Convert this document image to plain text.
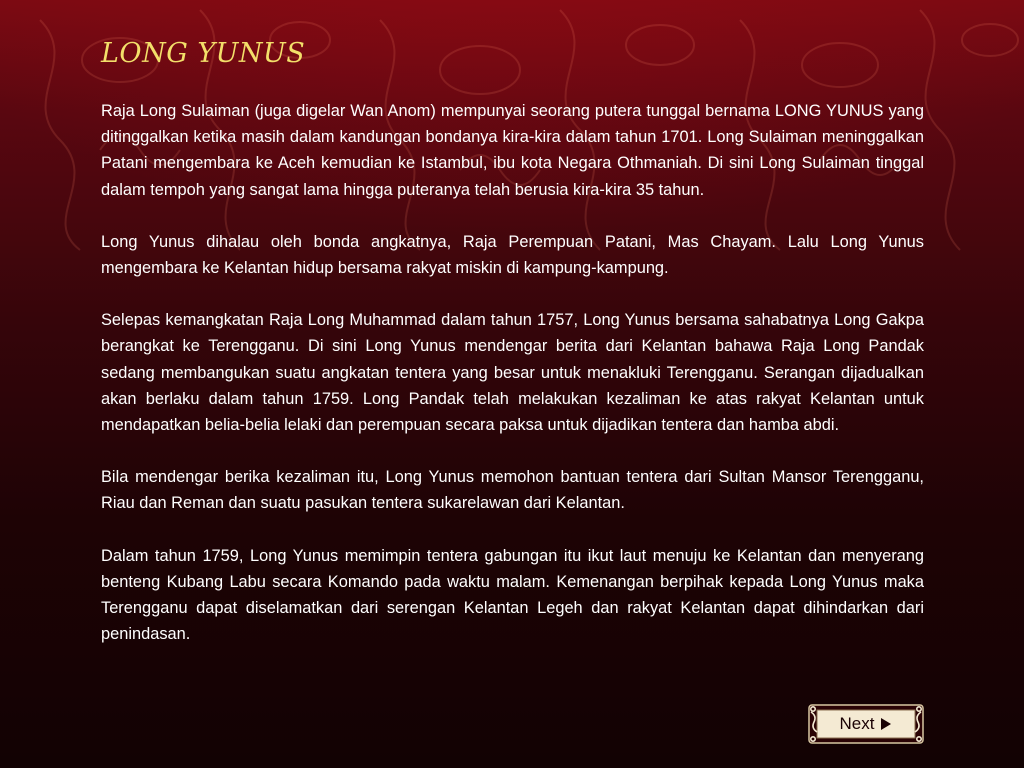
LONG YUNUS

Raja Long Sulaiman (juga digelar Wan Anom) mempunyai seorang putera tunggal bernama LONG YUNUS yang ditinggalkan ketika masih dalam kandungan bondanya kira-kira dalam tahun 1701. Long Sulaiman meninggalkan Patani mengembara ke Aceh kemudian ke Istambul, ibu kota Negara Othmaniah. Di sini Long Sulaiman tinggal dalam tempoh yang sangat lama hingga puteranya telah berusia kira-kira 35 tahun.

Long Yunus dihalau oleh bonda angkatnya, Raja Perempuan Patani, Mas Chayam. Lalu Long Yunus mengembara ke Kelantan hidup bersama rakyat miskin di kampung-kampung.

Selepas kemangkatan Raja Long Muhammad dalam tahun 1757, Long Yunus bersama sahabatnya Long Gakpa berangkat ke Terengganu. Di sini Long Yunus mendengar berita dari Kelantan bahawa Raja Long Pandak sedang membangukan suatu angkatan tentera yang besar untuk menakluki Terengganu. Serangan dijadualkan akan berlaku dalam tahun 1759. Long Pandak telah melakukan kezaliman ke atas rakyat Kelantan untuk mendapatkan belia-belia lelaki dan perempuan secara paksa untuk dijadikan tentera dan hamba abdi.

Bila mendengar berika kezaliman itu, Long Yunus memohon bantuan tentera dari Sultan Mansor Terengganu, Riau dan Reman dan suatu pasukan tentera sukarelawan dari Kelantan.

Dalam tahun 1759, Long Yunus memimpin tentera gabungan itu ikut laut menuju ke Kelantan dan menyerang benteng Kubang Labu secara Komando pada waktu malam. Kemenangan berpihak kepada Long Yunus maka Terengganu dapat diselamatkan dari serengan Kelantan Legeh dan rakyat Kelantan dapat dihindarkan dari penindasan.

Next
